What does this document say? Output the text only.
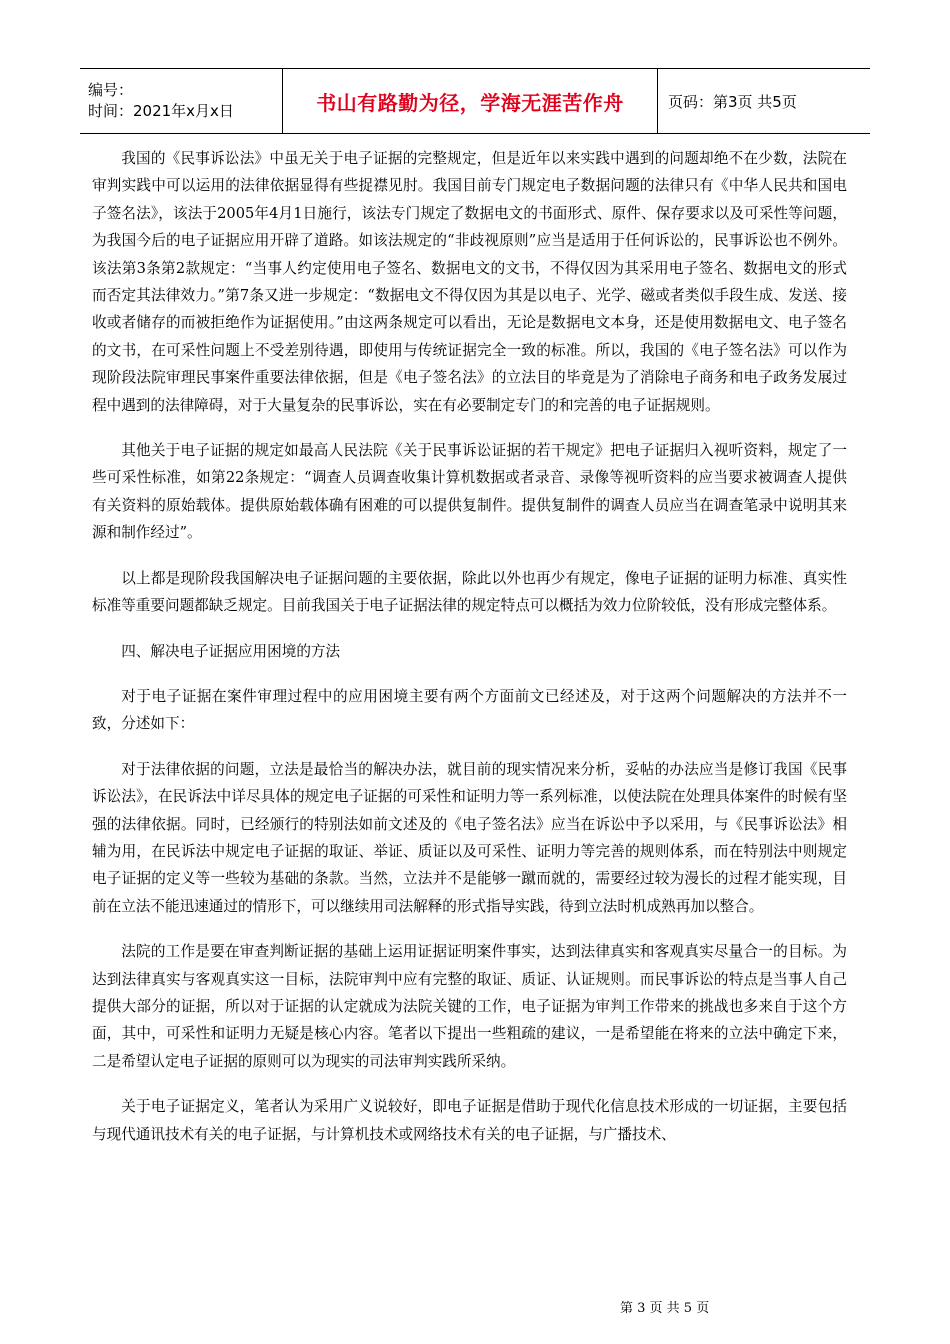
编号：
时间：2021年x月x日	书山有路勤为径，学海无涯苦作舟	页码：第3页 共5页

我国的《民事诉讼法》中虽无关于电子证据的完整规定，但是近年以来实践中遇到的问题却绝不在少数，法院在审判实践中可以运用的法律依据显得有些捉襟见肘。我国目前专门规定电子数据问题的法律只有《中华人民共和国电子签名法》，该法于2005年4月1日施行，该法专门规定了数据电文的书面形式、原件、保存要求以及可采性等问题，为我国今后的电子证据应用开辟了道路。如该法规定的“非歧视原则”应当是适用于任何诉讼的，民事诉讼也不例外。该法第3条第2款规定：“当事人约定使用电子签名、数据电文的文书，不得仅因为其采用电子签名、数据电文的形式而否定其法律效力。”第7条又进一步规定：“数据电文不得仅因为其是以电子、光学、磁或者类似手段生成、发送、接收或者储存的而被拒绝作为证据使用。”由这两条规定可以看出，无论是数据电文本身，还是使用数据电文、电子签名的文书，在可采性问题上不受差别待遇，即使用与传统证据完全一致的标准。所以，我国的《电子签名法》可以作为现阶段法院审理民事案件重要法律依据，但是《电子签名法》的立法目的毕竟是为了消除电子商务和电子政务发展过程中遇到的法律障碍，对于大量复杂的民事诉讼，实在有必要制定专门的和完善的电子证据规则。

其他关于电子证据的规定如最高人民法院《关于民事诉讼证据的若干规定》把电子证据归入视听资料，规定了一些可采性标准，如第22条规定：“调查人员调查收集计算机数据或者录音、录像等视听资料的应当要求被调查人提供有关资料的原始载体。提供原始载体确有困难的可以提供复制件。提供复制件的调查人员应当在调查笔录中说明其来源和制作经过”。

以上都是现阶段我国解决电子证据问题的主要依据，除此以外也再少有规定，像电子证据的证明力标准、真实性标准等重要问题都缺乏规定。目前我国关于电子证据法律的规定特点可以概括为效力位阶较低，没有形成完整体系。

四、解决电子证据应用困境的方法

对于电子证据在案件审理过程中的应用困境主要有两个方面前文已经述及，对于这两个问题解决的方法并不一致，分述如下：

对于法律依据的问题，立法是最恰当的解决办法，就目前的现实情况来分析，妥帖的办法应当是修订我国《民事诉讼法》，在民诉法中详尽具体的规定电子证据的可采性和证明力等一系列标准，以使法院在处理具体案件的时候有坚强的法律依据。同时，已经颁行的特别法如前文述及的《电子签名法》应当在诉讼中予以采用，与《民事诉讼法》相辅为用，在民诉法中规定电子证据的取证、举证、质证以及可采性、证明力等完善的规则体系，而在特别法中则规定电子证据的定义等一些较为基础的条款。当然，立法并不是能够一蹴而就的，需要经过较为漫长的过程才能实现，目前在立法不能迅速通过的情形下，可以继续用司法解释的形式指导实践，待到立法时机成熟再加以整合。

法院的工作是要在审查判断证据的基础上运用证据证明案件事实，达到法律真实和客观真实尽量合一的目标。为达到法律真实与客观真实这一目标，法院审判中应有完整的取证、质证、认证规则。而民事诉讼的特点是当事人自己提供大部分的证据，所以对于证据的认定就成为法院关键的工作，电子证据为审判工作带来的挑战也多来自于这个方面，其中，可采性和证明力无疑是核心内容。笔者以下提出一些粗疏的建议，一是希望能在将来的立法中确定下来，二是希望认定电子证据的原则可以为现实的司法审判实践所采纳。

关于电子证据定义，笔者认为采用广义说较好，即电子证据是借助于现代化信息技术形成的一切证据，主要包括与现代通讯技术有关的电子证据，与计算机技术或网络技术有关的电子证据，与广播技术、

第 3 页 共 5 页
